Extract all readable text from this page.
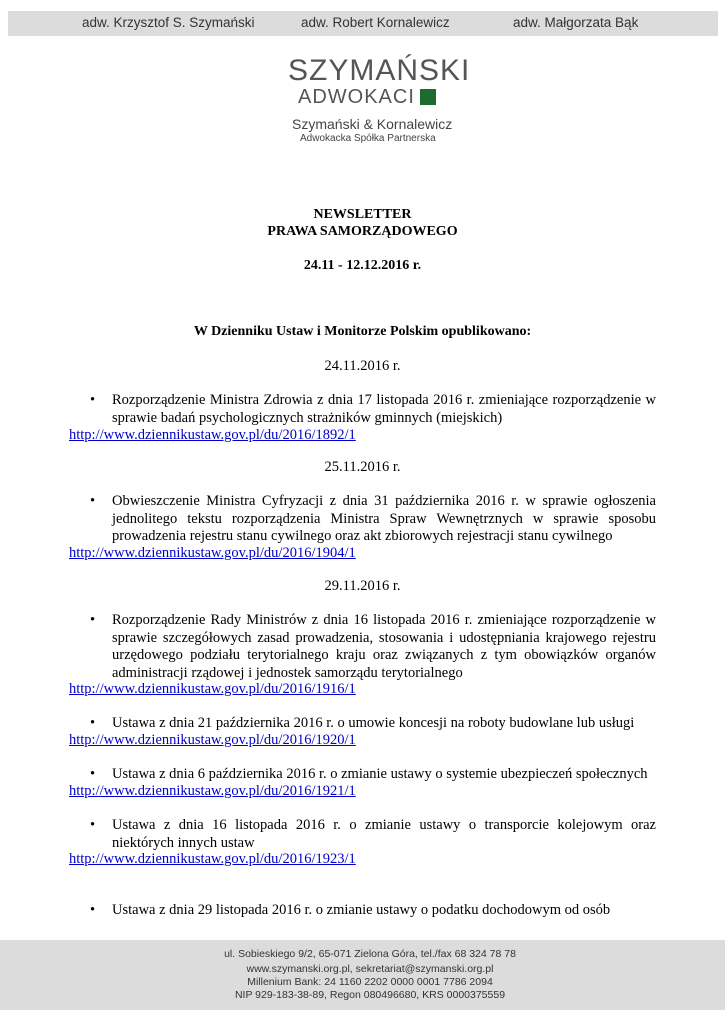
adw. Krzysztof S. Szymański	adw. Robert Kornalewicz	adw. Małgorzata Bąk
SZYMAŃSKI
ADWOKACI
Szymański & Kornalewicz
Adwokacka Spółka Partnerska
NEWSLETTER
PRAWA SAMORZĄDOWEGO
24.11 - 12.12.2016 r.
W Dzienniku Ustaw i Monitorze Polskim opublikowano:
24.11.2016 r.
• Rozporządzenie Ministra Zdrowia z dnia 17 listopada 2016 r. zmieniające rozporządzenie w sprawie badań psychologicznych strażników gminnych (miejskich)
http://www.dziennikustaw.gov.pl/du/2016/1892/1
25.11.2016 r.
• Obwieszczenie Ministra Cyfryzacji z dnia 31 października 2016 r. w sprawie ogłoszenia jednolitego tekstu rozporządzenia Ministra Spraw Wewnętrznych w sprawie sposobu prowadzenia rejestru stanu cywilnego oraz akt zbiorowych rejestracji stanu cywilnego
http://www.dziennikustaw.gov.pl/du/2016/1904/1
29.11.2016 r.
• Rozporządzenie Rady Ministrów z dnia 16 listopada 2016 r. zmieniające rozporządzenie w sprawie szczegółowych zasad prowadzenia, stosowania i udostępniania krajowego rejestru urzędowego podziału terytorialnego kraju oraz związanych z tym obowiązków organów administracji rządowej i jednostek samorządu terytorialnego
http://www.dziennikustaw.gov.pl/du/2016/1916/1
• Ustawa z dnia 21 października 2016 r. o umowie koncesji na roboty budowlane lub usługi
http://www.dziennikustaw.gov.pl/du/2016/1920/1
• Ustawa z dnia 6 października 2016 r. o zmianie ustawy o systemie ubezpieczeń społecznych
http://www.dziennikustaw.gov.pl/du/2016/1921/1
• Ustawa z dnia 16 listopada 2016 r. o zmianie ustawy o transporcie kolejowym oraz niektórych innych ustaw
http://www.dziennikustaw.gov.pl/du/2016/1923/1
• Ustawa z dnia 29 listopada 2016 r. o zmianie ustawy o podatku dochodowym od osób
ul. Sobieskiego 9/2, 65-071 Zielona Góra, tel./fax 68 324 78 78
www.szymanski.org.pl, sekretariat@szymanski.org.pl
Millenium Bank: 24 1160 2202 0000 0001 7786 2094
NIP 929-183-38-89, Regon 080496680, KRS 0000375559
